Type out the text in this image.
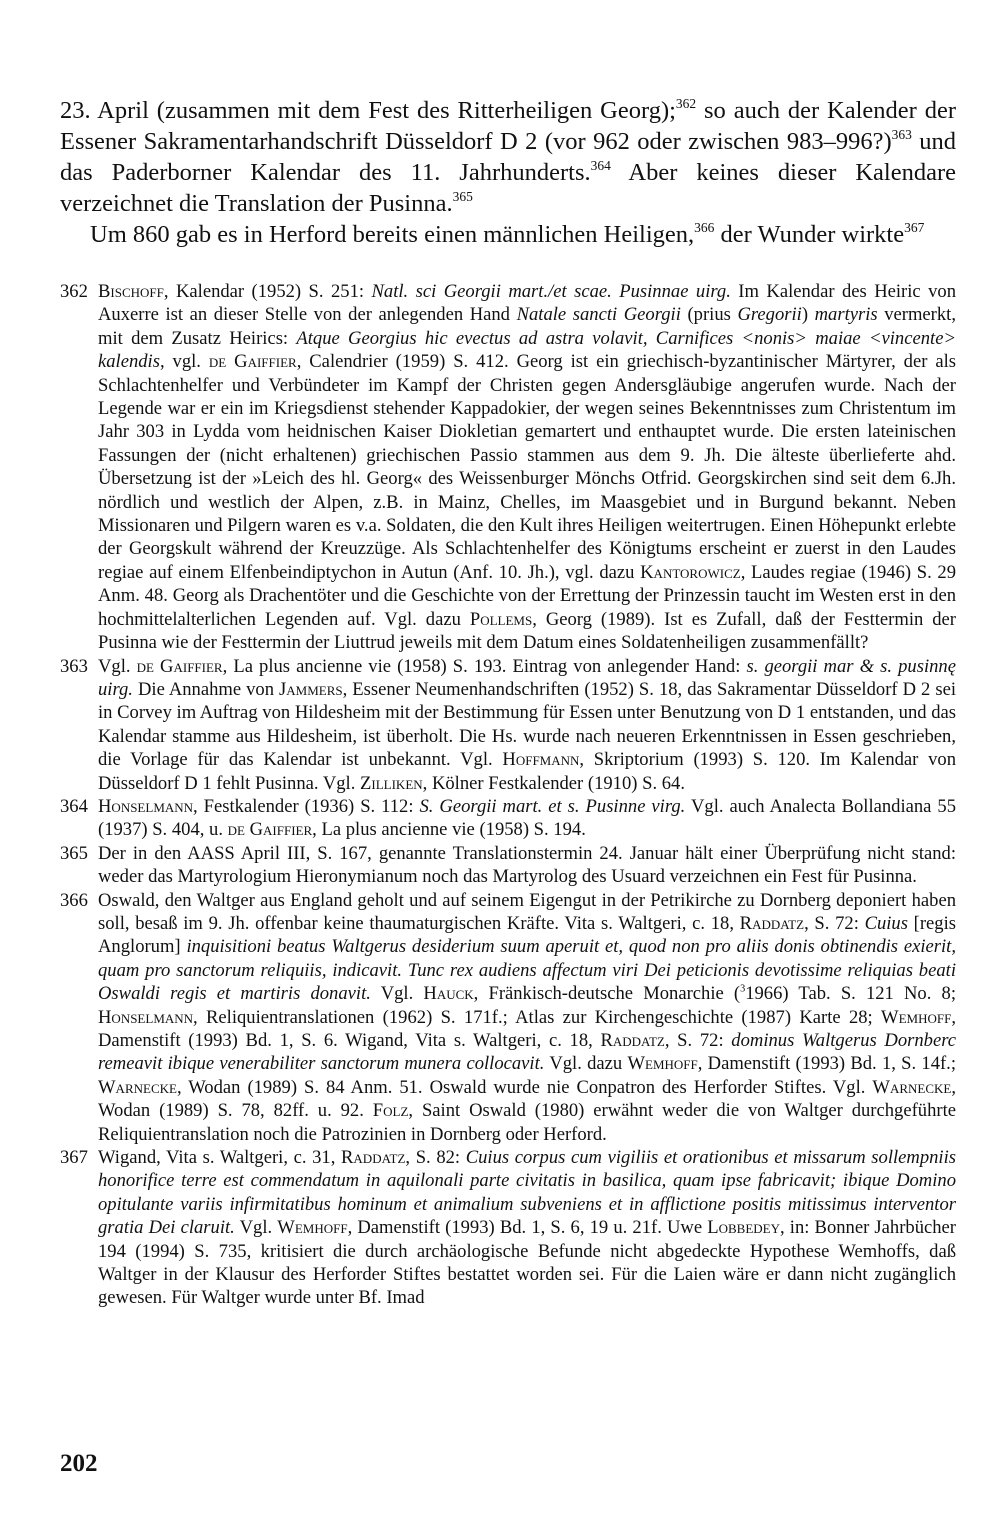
23. April (zusammen mit dem Fest des Ritterheiligen Georg);$^{362}$ so auch der Kalender der Essener Sakramentarhandschrift Düsseldorf D 2 (vor 962 oder zwischen 983–996?)$^{363}$ und das Paderborner Kalendar des 11. Jahrhunderts.$^{364}$ Aber keines dieser Kalendare verzeichnet die Translation der Pusinna.$^{365}$

Um 860 gab es in Herford bereits einen männlichen Heiligen,$^{366}$ der Wunder wirkte$^{367}$

362 Bischoff, Kalendar (1952) S. 251: Natl. sci Georgii mart./et scae. Pusinnae uirg. Im Kalendar des Heiric von Auxerre ist an dieser Stelle von der anlegenden Hand Natale sancti Georgii (prius Gregorii) martyris vermerkt, mit dem Zusatz Heirics: Atque Georgius hic evectus ad astra volavit, Carnifices <nonis> maiae <vincente> kalendis, vgl. de Gaiffier, Calendrier (1959) S. 412. Georg ist ein griechisch-byzantinischer Märtyrer, der als Schlachtenhelfer und Verbündeter im Kampf der Christen gegen Andersgläubige angerufen wurde. Nach der Legende war er ein im Kriegsdienst stehender Kappadokier, der wegen seines Bekenntnisses zum Christentum im Jahr 303 in Lydda vom heidnischen Kaiser Diokletian gemartert und enthauptet wurde. Die ersten lateinischen Fassungen der (nicht erhaltenen) griechischen Passio stammen aus dem 9. Jh. Die älteste überlieferte ahd. Übersetzung ist der »Leich des hl. Georg« des Weissenburger Mönchs Otfrid. Georgskirchen sind seit dem 6.Jh. nördlich und westlich der Alpen, z.B. in Mainz, Chelles, im Maasgebiet und in Burgund bekannt. Neben Missionaren und Pilgern waren es v.a. Soldaten, die den Kult ihres Heiligen weitertrugen. Einen Höhepunkt erlebte der Georgskult während der Kreuzzüge. Als Schlachtenhelfer des Königtums erscheint er zuerst in den Laudes regiae auf einem Elfenbeindiptychon in Autun (Anf. 10. Jh.), vgl. dazu Kantorowicz, Laudes regiae (1946) S. 29 Anm. 48. Georg als Drachentöter und die Geschichte von der Errettung der Prinzessin taucht im Westen erst in den hochmittelalterlichen Legenden auf. Vgl. dazu Pollems, Georg (1989). Ist es Zufall, daß der Festtermin der Pusinna wie der Festtermin der Liuttrud jeweils mit dem Datum eines Soldatenheiligen zusammenfällt?
363 Vgl. de Gaiffier, La plus ancienne vie (1958) S. 193. Eintrag von anlegender Hand: s. georgii mar & s. pusinnę uirg. Die Annahme von Jammers, Essener Neumenhandschriften (1952) S. 18, das Sakramentar Düsseldorf D 2 sei in Corvey im Auftrag von Hildesheim mit der Bestimmung für Essen unter Benutzung von D 1 entstanden, und das Kalendar stamme aus Hildesheim, ist überholt. Die Hs. wurde nach neueren Erkenntnissen in Essen geschrieben, die Vorlage für das Kalendar ist unbekannt. Vgl. Hoffmann, Skriptorium (1993) S. 120. Im Kalendar von Düsseldorf D 1 fehlt Pusinna. Vgl. Zilliken, Kölner Festkalender (1910) S. 64.
364 Honselmann, Festkalender (1936) S. 112: S. Georgii mart. et s. Pusinne virg. Vgl. auch Analecta Bollandiana 55 (1937) S. 404, u. de Gaiffier, La plus ancienne vie (1958) S. 194.
365 Der in den AASS April III, S. 167, genannte Translationstermin 24. Januar hält einer Überprüfung nicht stand: weder das Martyrologium Hieronymianum noch das Martyrolog des Usuard verzeichnen ein Fest für Pusinna.
366 Oswald, den Waltger aus England geholt und auf seinem Eigengut in der Petrikirche zu Dornberg deponiert haben soll, besaß im 9. Jh. offenbar keine thaumaturgischen Kräfte. Vita s. Waltgeri, c. 18, Raddatz, S. 72: Cuius [regis Anglorum] inquisitioni beatus Waltgerus desiderium suum aperuit et, quod non pro aliis donis obtinendis exierit, quam pro sanctorum reliquiis, indicavit. Tunc rex audiens affectum viri Dei peticionis devotissime reliquias beati Oswaldi regis et martiris donavit. Vgl. Hauck, Fränkisch-deutsche Monarchie ($^3$1966) Tab. S. 121 No. 8; Honselmann, Reliquientranslationen (1962) S. 171f.; Atlas zur Kirchengeschichte (1987) Karte 28; Wemhoff, Damenstift (1993) Bd. 1, S. 6. Wigand, Vita s. Waltgeri, c. 18, Raddatz, S. 72: dominus Waltgerus Dornberc remeavit ibique venerabiliter sanctorum munera collocavit. Vgl. dazu Wemhoff, Damenstift (1993) Bd. 1, S. 14f.; Warnecke, Wodan (1989) S. 84 Anm. 51. Oswald wurde nie Conpatron des Herforder Stiftes. Vgl. Warnecke, Wodan (1989) S. 78, 82ff. u. 92. Folz, Saint Oswald (1980) erwähnt weder die von Waltger durchgeführte Reliquientranslation noch die Patrozinien in Dornberg oder Herford.
367 Wigand, Vita s. Waltgeri, c. 31, Raddatz, S. 82: Cuius corpus cum vigiliis et orationibus et missarum sollempniis honorifice terre est commendatum in aquilonali parte civitatis in basilica, quam ipse fabricavit; ibique Domino opitulante variis infirmitatibus hominum et animalium subveniens et in afflictione positis mitissimus interventor gratia Dei claruit. Vgl. Wemhoff, Damenstift (1993) Bd. 1, S. 6, 19 u. 21f. Uwe Lobbedey, in: Bonner Jahrbücher 194 (1994) S. 735, kritisiert die durch archäologische Befunde nicht abgedeckte Hypothese Wemhoffs, daß Waltger in der Klausur des Herforder Stiftes bestattet worden sei. Für die Laien wäre er dann nicht zugänglich gewesen. Für Waltger wurde unter Bf. Imad
202
